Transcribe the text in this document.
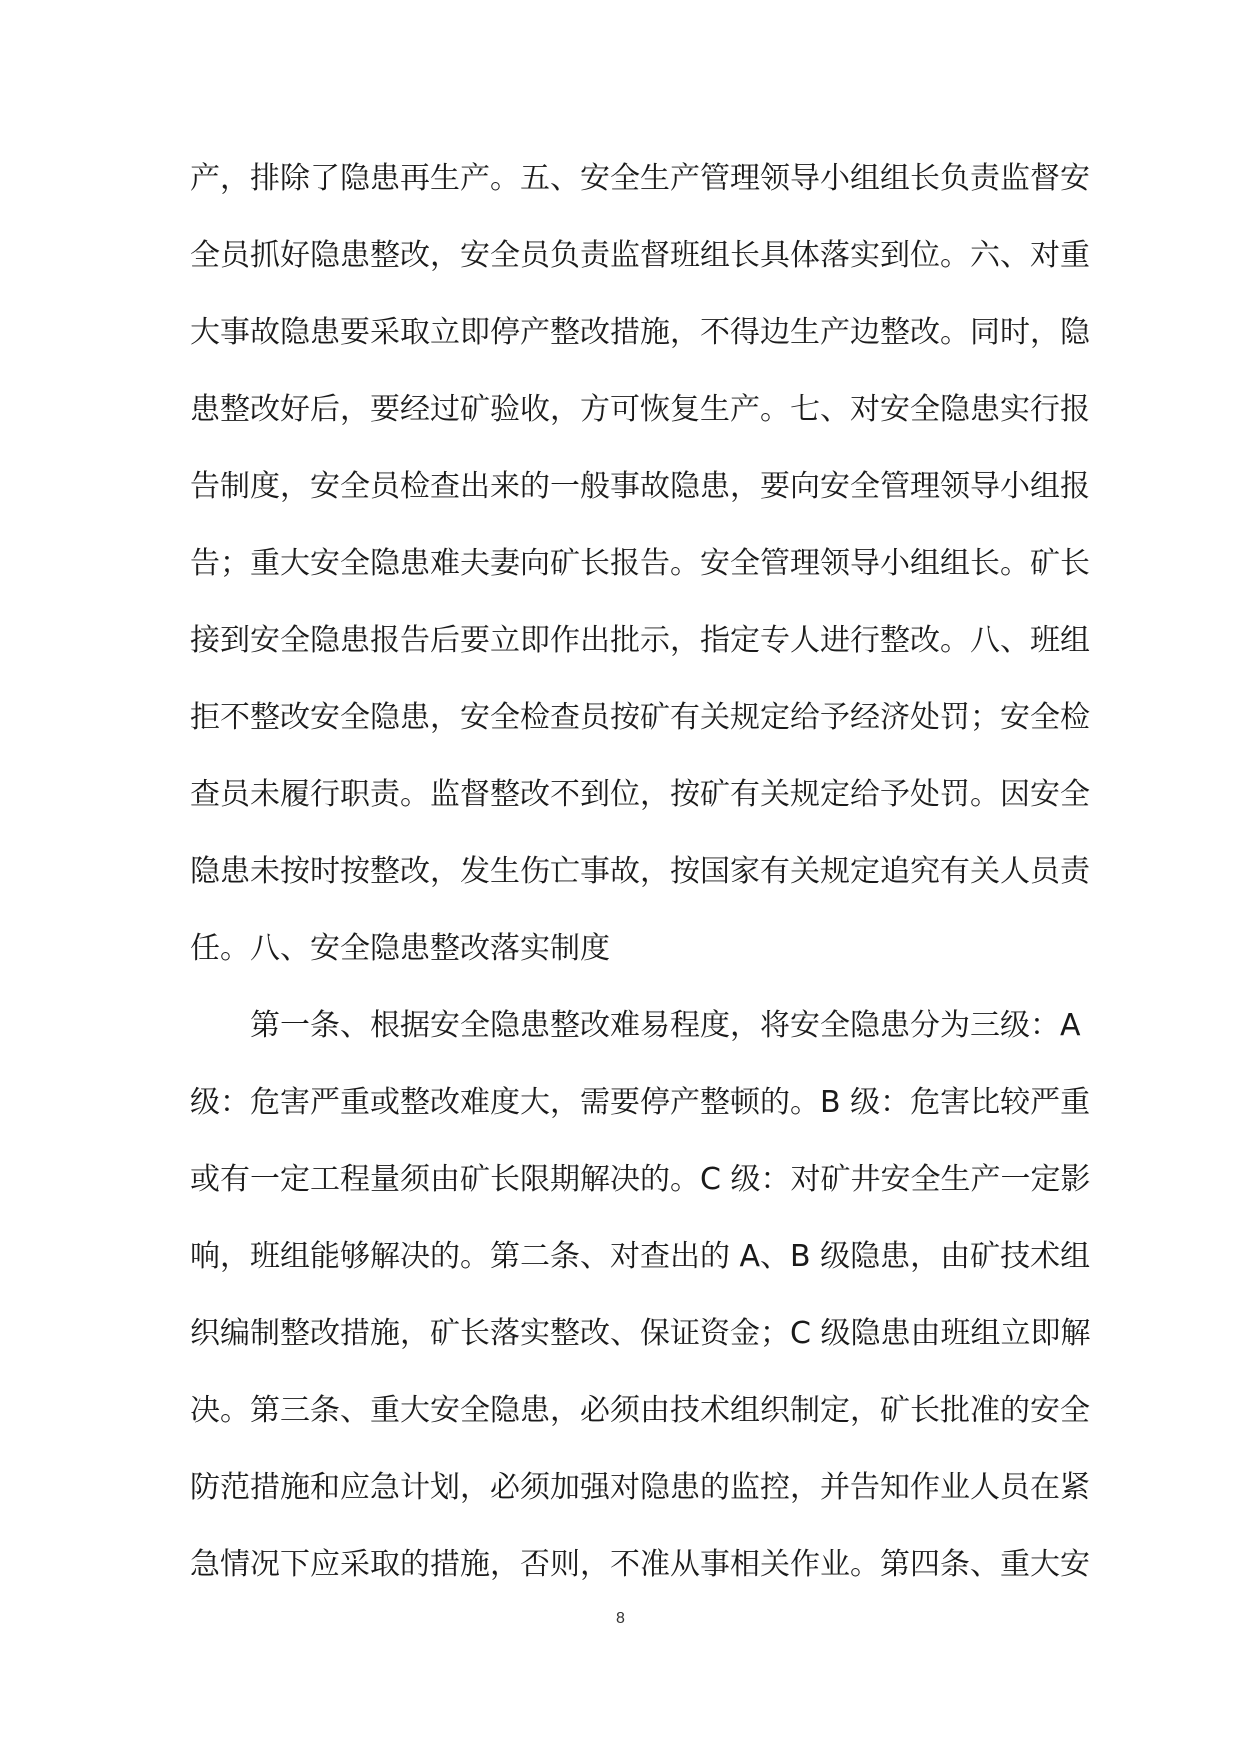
产，排除了隐患再生产。五、安全生产管理领导小组组长负责监督安
全员抓好隐患整改，安全员负责监督班组长具体落实到位。六、对重
大事故隐患要采取立即停产整改措施，不得边生产边整改。同时，隐
患整改好后，要经过矿验收，方可恢复生产。七、对安全隐患实行报
告制度，安全员检查出来的一般事故隐患，要向安全管理领导小组报
告；重大安全隐患难夫妻向矿长报告。安全管理领导小组组长。矿长
接到安全隐患报告后要立即作出批示，指定专人进行整改。八、班组
拒不整改安全隐患，安全检查员按矿有关规定给予经济处罚；安全检
查员未履行职责。监督整改不到位，按矿有关规定给予处罚。因安全
隐患未按时按整改，发生伤亡事故，按国家有关规定追究有关人员责
任。八、安全隐患整改落实制度
　　第一条、根据安全隐患整改难易程度，将安全隐患分为三级：A
级：危害严重或整改难度大，需要停产整顿的。B 级：危害比较严重
或有一定工程量须由矿长限期解决的。C 级：对矿井安全生产一定影
响，班组能够解决的。第二条、对查出的 A、B 级隐患，由矿技术组
织编制整改措施，矿长落实整改、保证资金；C 级隐患由班组立即解
决。第三条、重大安全隐患，必须由技术组织制定，矿长批准的安全
防范措施和应急计划，必须加强对隐患的监控，并告知作业人员在紧
急情况下应采取的措施，否则，不准从事相关作业。第四条、重大安
8
